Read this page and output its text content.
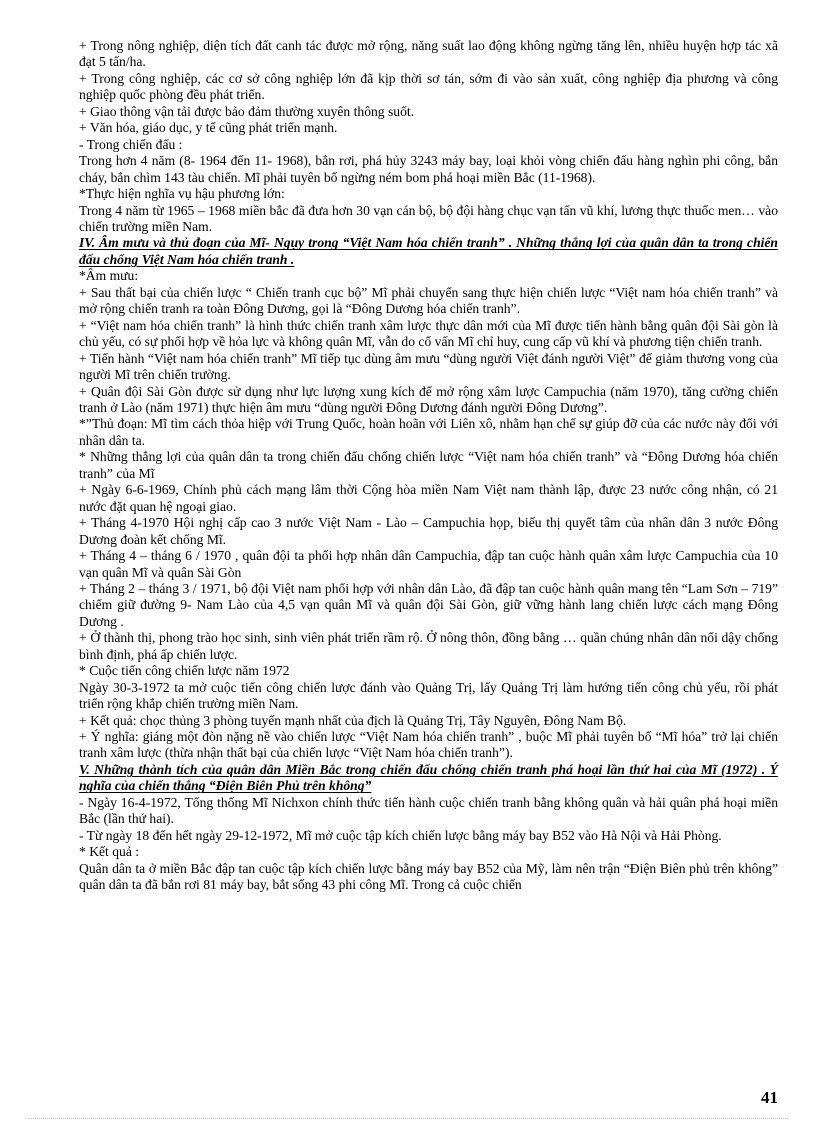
+ Trong nông nghiệp, diện tích đất canh tác được mở rộng, năng suất lao động không ngừng tăng lên, nhiều huyện hợp tác xã đạt 5 tấn/ha.

+ Trong công nghiệp, các cơ sở công nghiệp lớn đã kịp thời sơ tán, sớm đi vào sản xuất, công nghiệp địa phương và công nghiệp quốc phòng đều phát triển.

+ Giao thông vận tải được bảo đảm thường xuyên thông suốt.

+ Văn hóa, giáo dục, y tế cũng phát triển mạnh.

- Trong chiến đấu :

Trong hơn 4 năm (8- 1964 đến 11- 1968), bắn rơi, phá hủy 3243 máy bay, loại khỏi vòng chiến đấu hàng nghìn phi công, bắn cháy, bắn chìm 143 tàu chiến. Mĩ phải tuyên bố ngừng ném bom phá hoại miền Bắc (11-1968).

*Thực hiện nghĩa vụ hậu phương lớn:

Trong 4 năm từ 1965 – 1968 miền bắc đã đưa hơn 30 vạn cán bộ, bộ đội hàng chục vạn tấn vũ khí, lương thực thuốc men… vào chiến trường miền Nam.

IV. Âm mưu và thủ đoạn của Mĩ- Ngụy trong “Việt Nam hóa chiến tranh” . Những thắng lợi của quân dân ta trong chiến đấu chống Việt Nam hóa chiến tranh .

*Âm mưu:

+ Sau thất bại của chiến lược “ Chiến tranh cục bộ” Mĩ phải chuyển sang thực hiện chiến lược “Việt nam hóa chiến tranh” và mở rộng chiến tranh ra toàn Đông Dương, gọi là “Đông Dương hóa chiến tranh”.

+ “Việt nam hóa chiến tranh” là hình thức chiến tranh xâm lược thực dân mới của Mĩ được tiến hành bằng quân đội Sài gòn là chủ yếu, có sự phối hợp về hỏa lực và không quân Mĩ, vẫn do cố vấn Mĩ chỉ huy, cung cấp vũ khí và phương tiện chiến tranh.

+ Tiến hành “Việt nam hóa chiến tranh” Mĩ tiếp tục dùng âm mưu “dùng người Việt đánh người Việt” để giảm thương vong của người Mĩ trên chiến trường.

+ Quân đội Sài Gòn được sử dụng như lực lượng xung kích để mở rộng xâm lược Campuchia (năm 1970), tăng cường chiến tranh ở Lào (năm 1971) thực hiện âm mưu “dùng người Đông Dương đánh người Đông Dương”.

*”Thủ đoạn: Mĩ tìm cách thỏa hiệp với Trung Quốc, hoàn hoãn với Liên xô, nhằm hạn chế sự giúp đỡ của các nước này đối với nhân dân ta.

* Những thắng lợi của quân dân ta trong chiến đấu chống chiến lược “Việt nam hóa chiến tranh” và “Đông Dương hóa chiến tranh” của Mĩ

+ Ngày 6-6-1969, Chính phủ cách mạng lâm thời Cộng hòa miền Nam Việt nam thành lập, được 23 nước công nhận, có 21 nước đặt quan hệ ngoại giao.

+ Tháng 4-1970 Hội nghị cấp cao 3 nước Việt Nam - Lào – Campuchia họp, biểu thị quyết tâm của nhân dân 3 nước Đông Dương đoàn kết chống Mĩ.

+ Tháng 4 – tháng 6 / 1970 , quân đội ta phối hợp nhân dân Campuchia, đập tan cuộc hành quân xâm lược Campuchia của 10 vạn quân Mĩ và quân Sài Gòn

+ Tháng 2 – tháng 3 / 1971, bộ đội Việt nam phối hợp với nhân dân Lào, đã đập tan cuộc hành quân mang tên “Lam Sơn – 719” chiếm giữ đường 9- Nam Lào của 4,5 vạn quân Mĩ và quân đội Sài Gòn, giữ vững hành lang chiến lược cách mạng Đông Dương .

+ Ở thành thị, phong trào học sinh, sinh viên phát triển rầm rộ. Ở nông thôn, đồng bằng … quần chúng nhân dân nổi dậy chống bình định, phá ấp chiến lược.

* Cuộc tiến công chiến lược năm 1972

Ngày 30-3-1972 ta mở cuộc tiến công chiến lược đánh vào Quảng Trị, lấy Quảng Trị làm hướng tiến công chủ yếu, rồi phát triển rộng khắp chiến trường miền Nam.

+ Kết quả: chọc thủng 3 phòng tuyến mạnh nhất của địch là Quảng Trị, Tây Nguyên, Đông Nam Bộ.

+ Ý nghĩa: giáng một đòn nặng nề vào chiến lược “Việt Nam hóa chiến tranh” , buộc Mĩ phải tuyên bố “Mĩ hóa” trở lại chiến tranh xâm lược (thừa nhận thất bại của chiến lược “Việt Nam hóa chiến tranh”).

V. Những thành tích của quân dân Miền Bắc trong chiến đấu chống chiến tranh phá hoại lần thứ hai của Mĩ (1972) . Ý nghĩa của chiến thắng “Điện Biên Phủ trên không”

- Ngày 16-4-1972, Tổng thống Mĩ Nichxon chính thức tiến hành cuộc chiến tranh bằng không quân và hải quân phá hoại miền Bắc (lần thứ hai).

- Từ ngày 18 đến hết ngày 29-12-1972, Mĩ mở cuộc tập kích chiến lược bằng máy bay B52 vào Hà Nội và Hải Phòng.

* Kết quả :

Quân dân ta ở miền Bắc đập tan cuộc tập kích chiến lược bằng máy bay B52 của Mỹ, làm nên trận “Điện Biên phủ trên không” quân dân ta đã bắn rơi 81 máy bay, bắt sống 43 phi công Mĩ. Trong cả cuộc chiến

41
